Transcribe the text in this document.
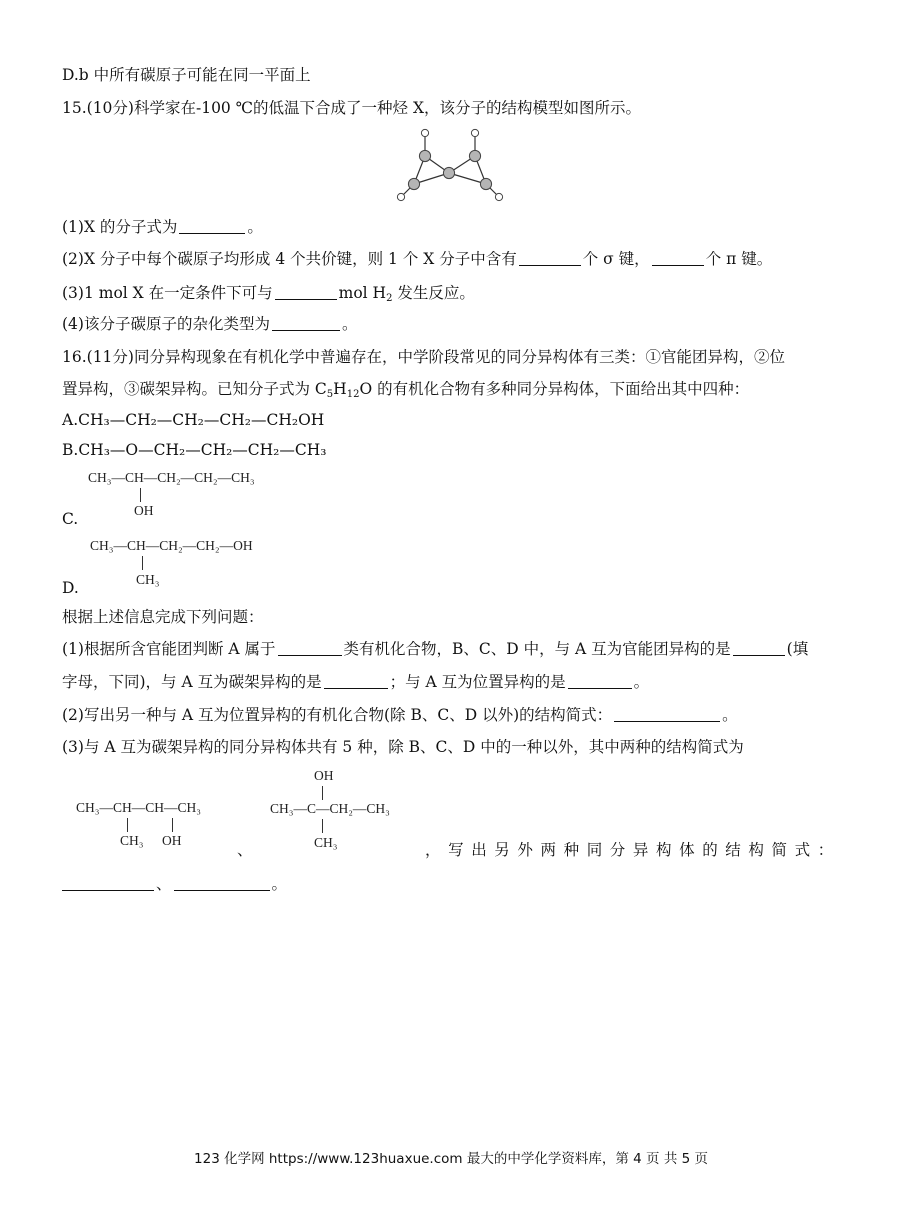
D.b 中所有碳原子可能在同一平面上
15.(10分)科学家在-100 ℃的低温下合成了一种烃 X，该分子的结构模型如图所示。
(1)X 的分子式为	。
(2)X 分子中每个碳原子均形成 4 个共价键，则 1 个 X 分子中含有	个 σ 键，	个 π 键。
(3)1 mol X 在一定条件下可与	mol $H_2$ 发生反应。
(4)该分子碳原子的杂化类型为	。
16.(11分)同分异构现象在有机化学中普遍存在，中学阶段常见的同分异构体有三类：①官能团异构，②位
置异构，③碳架异构。已知分子式为 $C_5H_{12}O$ 的有机化合物有多种同分异构体，下面给出其中四种：
A.CH₃—CH₂—CH₂—CH₂—CH₂OH
B.CH₃—O—CH₂—CH₂—CH₂—CH₃
CH₃—CH—CH₂—CH₂—CH₃
OH
C.
CH₃—CH—CH₂—CH₂—OH
CH₃
D.
根据上述信息完成下列问题：
(1)根据所含官能团判断 A 属于	类有机化合物，B、C、D 中，与 A 互为官能团异构的是	(填
字母，下同)，与 A 互为碳架异构的是	；与 A 互为位置异构的是	。
(2)写出另一种与 A 互为位置异构的有机化合物(除 B、C、D 以外)的结构简式：	。
(3)与 A 互为碳架异构的同分异构体共有 5 种，除 B、C、D 中的一种以外，其中两种的结构简式为
CH₃—CH—CH—CH₃
CH₃ OH
、
OH
CH₃—C—CH₂—CH₃
CH₃	，写出另外两种同分异构体的结构简式：
、	。
123 化学网 https://www.123huaxue.com 最大的中学化学资料库，第 4 页 共 5 页
